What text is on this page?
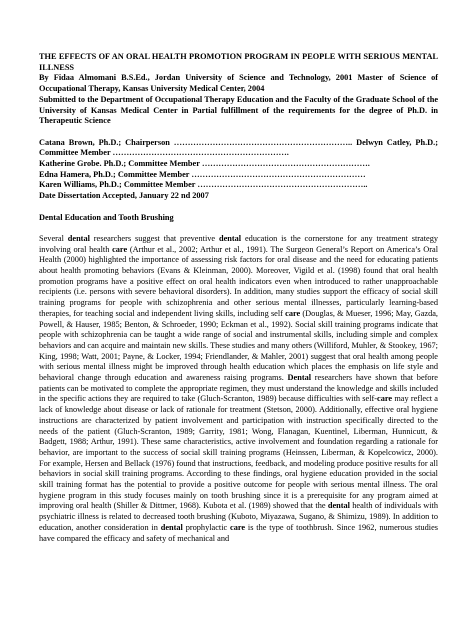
THE EFFECTS OF AN ORAL HEALTH PROMOTION PROGRAM IN PEOPLE WITH SERIOUS MENTAL ILLNESS

By Fidaa Almomani B.S.Ed., Jordan University of Science and Technology, 2001 Master of Science of Occupational Therapy, Kansas University Medical Center, 2004

Submitted to the Department of Occupational Therapy Education and the Faculty of the Graduate School of the University of Kansas Medical Center in Partial fulfillment of the requirements for the degree of Ph.D. in Therapeutic Science

Catana Brown, Ph.D.; Chairperson ……………………………………………………….. Delwyn Catley, Ph.D.; Committee Member ……………………………………………………….

Katherine Grobe. Ph.D.; Committee Member …………………………………………………….

Edna Hamera, Ph.D.; Committee Member ………………………………………………………

Karen Williams, Ph.D.; Committee Member ……………………………………………………..

Date Dissertation Accepted, January 22 nd 2007

Dental Education and Tooth Brushing

Several dental researchers suggest that preventive dental education is the cornerstone for any treatment strategy involving oral health care (Arthur et al., 2002; Arthur et al., 1991). The Surgeon General’s Report on America’s Oral Health (2000) highlighted the importance of assessing risk factors for oral disease and the need for educating patients about health promoting behaviors (Evans & Kleinman, 2000). Moreover, Vigild et al. (1998) found that oral health promotion programs have a positive effect on oral health indicators even when introduced to rather unapproachable recipients (i.e. persons with severe behavioral disorders). In addition, many studies support the efficacy of social skill training programs for people with schizophrenia and other serious mental illnesses, particularly learning-based therapies, for teaching social and independent living skills, including self care (Douglas, & Mueser, 1996; May, Gazda, Powell, & Hauser, 1985; Benton, & Schroeder, 1990; Eckman et al., 1992). Social skill training programs indicate that people with schizophrenia can be taught a wide range of social and instrumental skills, including simple and complex behaviors and can acquire and maintain new skills. These studies and many others (Williford, Muhler, & Stookey, 1967; King, 1998; Watt, 2001; Payne, & Locker, 1994; Friendlander, & Mahler, 2001) suggest that oral health among people with serious mental illness might be improved through health education which places the emphasis on life style and behavioral change through education and awareness raising programs. Dental researchers have shown that before patients can be motivated to complete the appropriate regimen, they must understand the knowledge and skills included in the specific actions they are required to take (Gluch-Scranton, 1989) because difficulties with self-care may reflect a lack of knowledge about disease or lack of rationale for treatment (Stetson, 2000). Additionally, effective oral hygiene instructions are characterized by patient involvement and participation with instruction specifically directed to the needs of the patient (Gluch-Scranton, 1989; Garrity, 1981; Wong, Flanagan, Kuentinel, Liberman, Hunnicutt, & Badgett, 1988; Arthur, 1991). These same characteristics, active involvement and foundation regarding a rationale for behavior, are important to the success of social skill training programs (Heinssen, Liberman, & Kopelcowicz, 2000). For example, Hersen and Bellack (1976) found that instructions, feedback, and modeling produce positive results for all behaviors in social skill training programs. According to these findings, oral hygiene education provided in the social skill training format has the potential to provide a positive outcome for people with serious mental illness. The oral hygiene program in this study focuses mainly on tooth brushing since it is a prerequisite for any program aimed at improving oral health (Shiller & Dittmer, 1968). Kubota et al. (1989) showed that the dental health of individuals with psychiatric illness is related to decreased tooth brushing (Kuboto, Miyazawa, Sugano, & Shimizu, 1989). In addition to education, another consideration in dental prophylactic care is the type of toothbrush. Since 1962, numerous studies have compared the efficacy and safety of mechanical and
